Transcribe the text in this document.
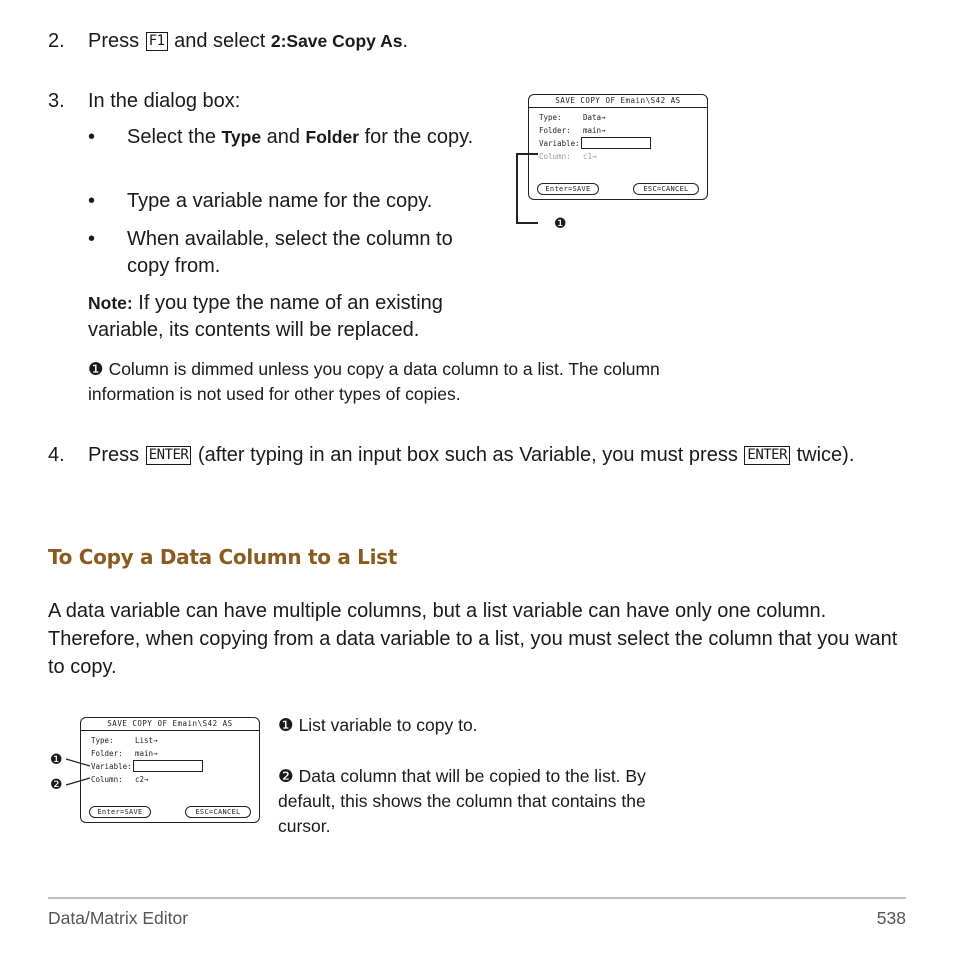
2. Press F1 and select 2:Save Copy As.
3. In the dialog box:
• Select the Type and Folder for the copy.
• Type a variable name for the copy.
• When available, select the column to copy from.
Note: If you type the name of an existing variable, its contents will be replaced.
❶ Column is dimmed unless you copy a data column to a list. The column information is not used for other types of copies.
SAVE COPY OF Emain\S42 AS
Type:	Data→
Folder: main→
Variable:
Column: c1→
Enter=SAVE	ESC=CANCEL
❶
4. Press ENTER (after typing in an input box such as Variable, you must press ENTER twice).
To Copy a Data Column to a List
A data variable can have multiple columns, but a list variable can have only one column. Therefore, when copying from a data variable to a list, you must select the column that you want to copy.
SAVE COPY OF Emain\S42 AS
Type:	List→
Folder: main→
Variable:
Column: c2→
Enter=SAVE	ESC=CANCEL
❶
❷
❶ List variable to copy to.
❷ Data column that will be copied to the list. By default, this shows the column that contains the cursor.
Data/Matrix Editor	538
